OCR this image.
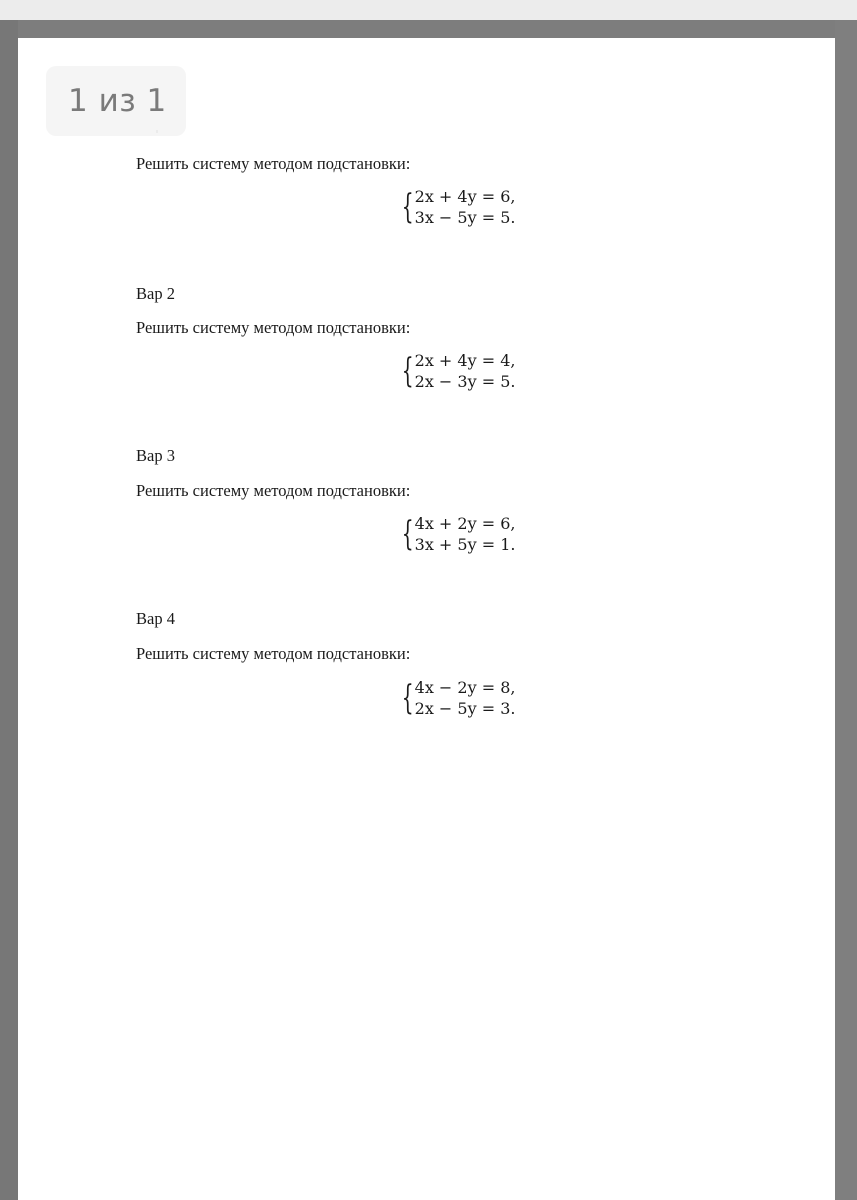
Решить систему методом подстановки:
{ 2x + 4y = 6,
3x − 5y = 5.
Вар 2
Решить систему методом подстановки:
{ 2x + 4y = 4,
2x − 3y = 5.
Вар 3
Решить систему методом подстановки:
{ 4x + 2y = 6,
3x + 5y = 1.
Вар 4
Решить систему методом подстановки:
{ 4x − 2y = 8,
2x − 5y = 3.
1 из 1
